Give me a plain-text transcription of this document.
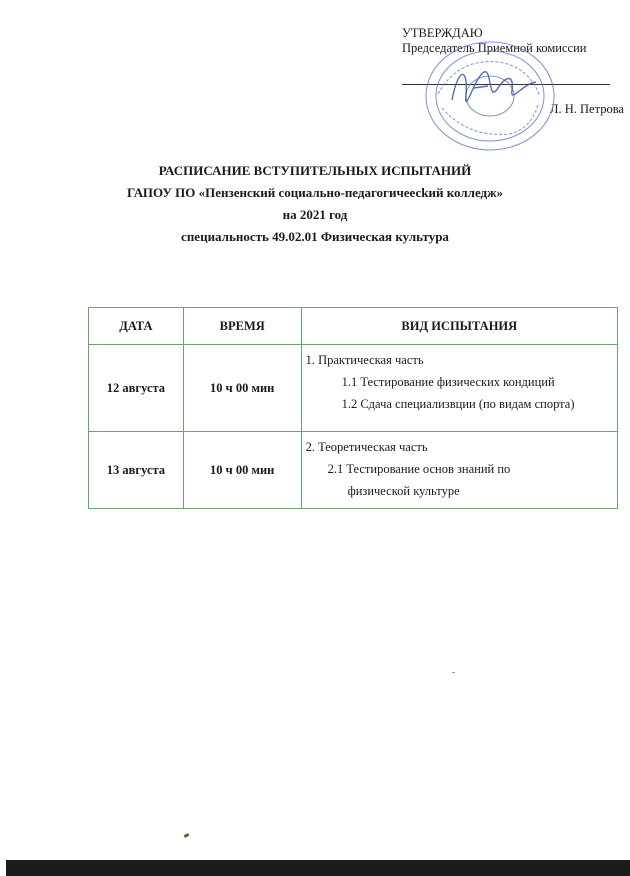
УТВЕРЖДАЮ
Председатель Приемной комиссии
Л. Н. Петрова
РАСПИСАНИЕ ВСТУПИТЕЛЬНЫХ ИСПЫТАНИЙ
ГАПОУ ПО «Пензенский социально-педагогичеесkий колледж»
на 2021 год
специальность 49.02.01 Физическая культура
ДАТА	ВРЕМЯ	ВИД ИСПЫТАНИЯ
12 августа	10 ч 00 мин	1. Практическая часть
1.1 Тестирование физических кондиций
1.2 Сдача специализвции (по видам спорта)

13 августа	10 ч 00 мин	2. Теоретическая часть
2.1 Тестирование основ знаний по
физической культуре
